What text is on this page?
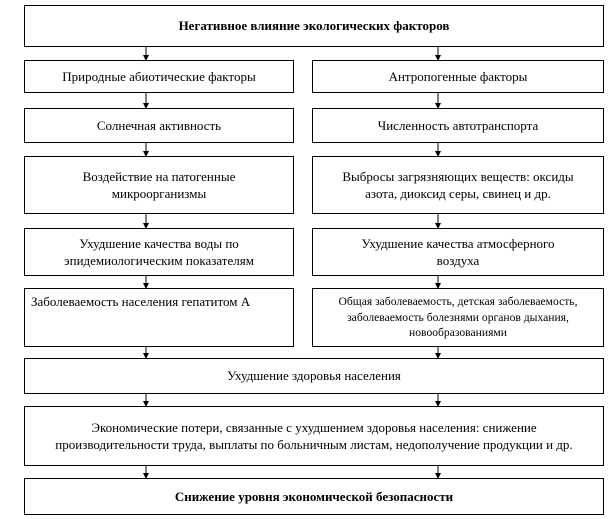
Негативное влияние экологических факторов
Природные абиотические факторы	Антропогенные факторы
Солнечная активность	Численность автотранспорта
Воздействие на патогенные микроорганизмы
Выбросы загрязняющих веществ: оксиды азота, диоксид серы, свинец и др.
Ухудшение качества воды по эпидемиологическим показателям
Ухудшение качества атмосферного воздуха
Заболеваемость населения гепатитом А	Общая заболеваемость, детская заболеваемость, заболеваемость болезнями органов дыхания, новообразованиями
Ухудшение здоровья населения
Экономические потери, связанные с ухудшением здоровья населения: снижение производительности труда, выплаты по больничным листам, недополучение продукции и др.
Снижение уровня экономической безопасности
